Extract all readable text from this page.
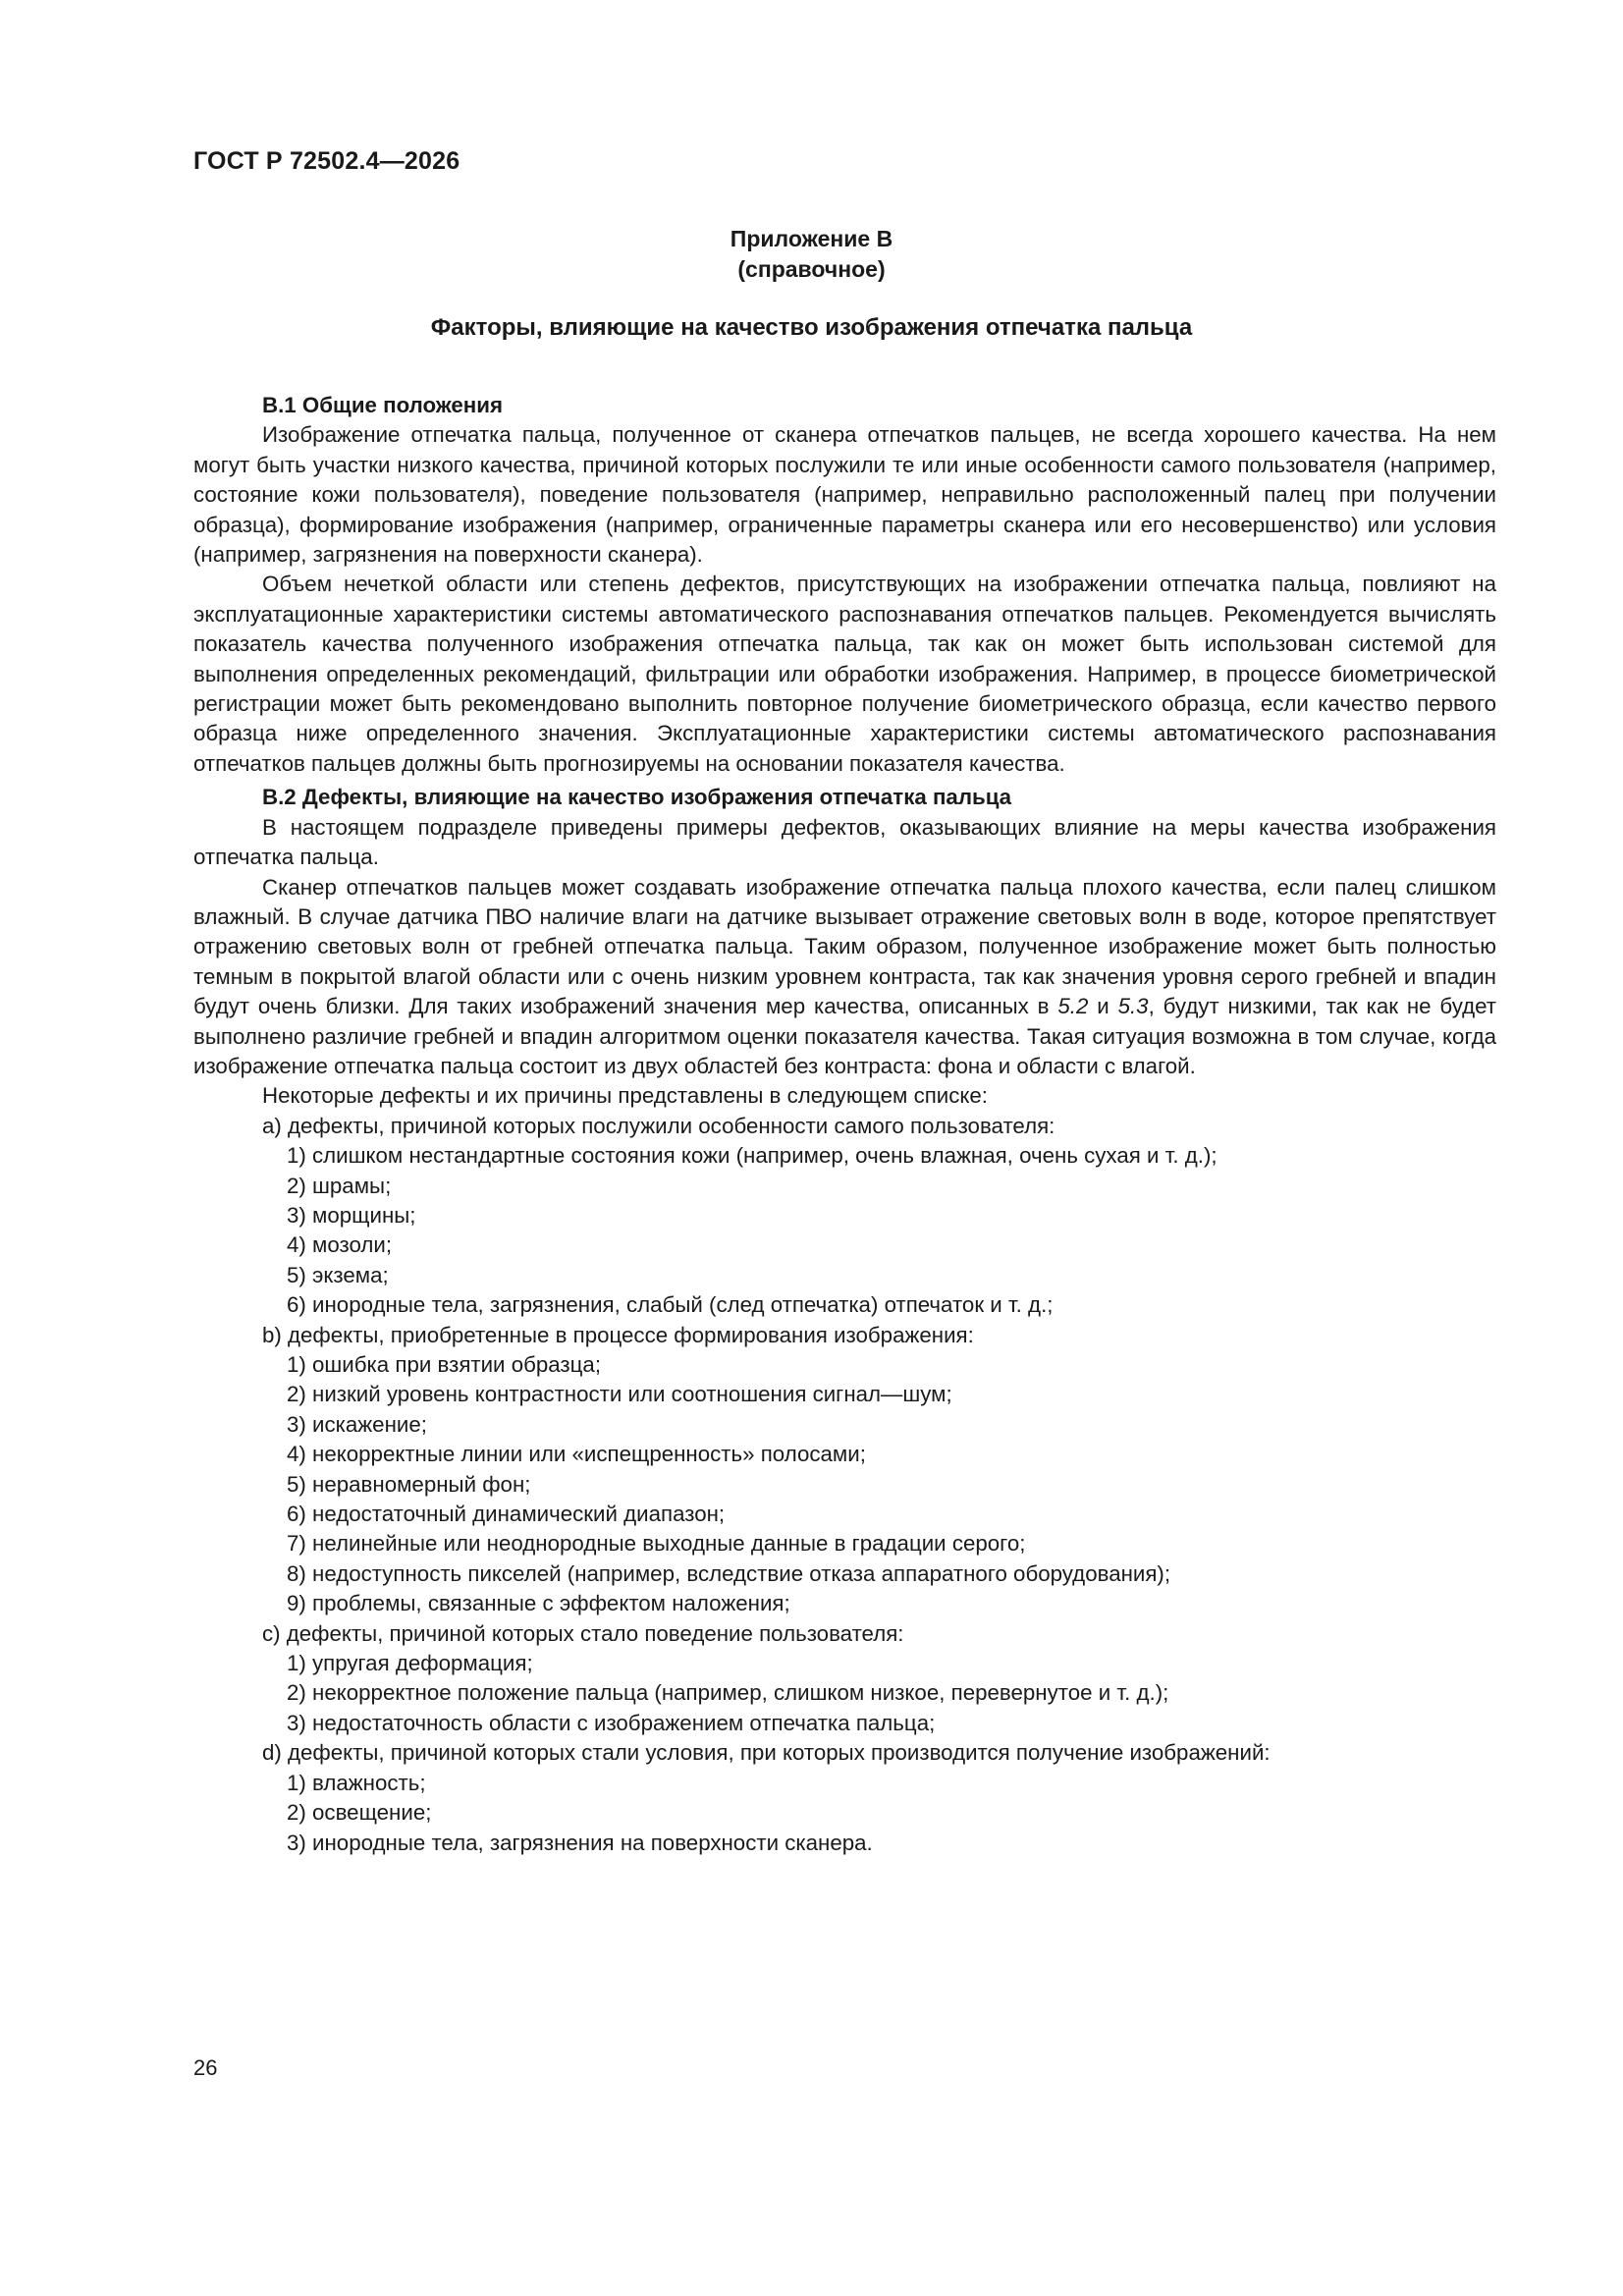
ГОСТ Р 72502.4—2026
Приложение В
(справочное)
Факторы, влияющие на качество изображения отпечатка пальца

В.1 Общие положения

Изображение отпечатка пальца, полученное от сканера отпечатков пальцев, не всегда хорошего качества. На нем могут быть участки низкого качества, причиной которых послужили те или иные особенности самого пользователя (например, состояние кожи пользователя), поведение пользователя (например, неправильно расположенный палец при получении образца), формирование изображения (например, ограниченные параметры сканера или его несовершенство) или условия (например, загрязнения на поверхности сканера).

Объем нечеткой области или степень дефектов, присутствующих на изображении отпечатка пальца, повлияют на эксплуатационные характеристики системы автоматического распознавания отпечатков пальцев. Рекомендуется вычислять показатель качества полученного изображения отпечатка пальца, так как он может быть использован системой для выполнения определенных рекомендаций, фильтрации или обработки изображения. Например, в процессе биометрической регистрации может быть рекомендовано выполнить повторное получение биометрического образца, если качество первого образца ниже определенного значения. Эксплуатационные характеристики системы автоматического распознавания отпечатков пальцев должны быть прогнозируемы на основании показателя качества.

В.2 Дефекты, влияющие на качество изображения отпечатка пальца

В настоящем подразделе приведены примеры дефектов, оказывающих влияние на меры качества изображения отпечатка пальца.

Сканер отпечатков пальцев может создавать изображение отпечатка пальца плохого качества, если палец слишком влажный. В случае датчика ПВО наличие влаги на датчике вызывает отражение световых волн в воде, которое препятствует отражению световых волн от гребней отпечатка пальца. Таким образом, полученное изображение может быть полностью темным в покрытой влагой области или с очень низким уровнем контраста, так как значения уровня серого гребней и впадин будут очень близки. Для таких изображений значения мер качества, описанных в 5.2 и 5.3, будут низкими, так как не будет выполнено различие гребней и впадин алгоритмом оценки показателя качества. Такая ситуация возможна в том случае, когда изображение отпечатка пальца состоит из двух областей без контраста: фона и области с влагой.

Некоторые дефекты и их причины представлены в следующем списке:

а) дефекты, причиной которых послужили особенности самого пользователя:

1) слишком нестандартные состояния кожи (например, очень влажная, очень сухая и т. д.);

2) шрамы;

3) морщины;

4) мозоли;

5) экзема;

6) инородные тела, загрязнения, слабый (след отпечатка) отпечаток и т. д.;

b) дефекты, приобретенные в процессе формирования изображения:

1) ошибка при взятии образца;

2) низкий уровень контрастности или соотношения сигнал—шум;

3) искажение;

4) некорректные линии или «испещренность» полосами;

5) неравномерный фон;

6) недостаточный динамический диапазон;

7) нелинейные или неоднородные выходные данные в градации серого;

8) недоступность пикселей (например, вследствие отказа аппаратного оборудования);

9) проблемы, связанные с эффектом наложения;

с) дефекты, причиной которых стало поведение пользователя:

1) упругая деформация;

2) некорректное положение пальца (например, слишком низкое, перевернутое и т. д.);

3) недостаточность области с изображением отпечатка пальца;

d) дефекты, причиной которых стали условия, при которых производится получение изображений:

1) влажность;

2) освещение;

3) инородные тела, загрязнения на поверхности сканера.

26
